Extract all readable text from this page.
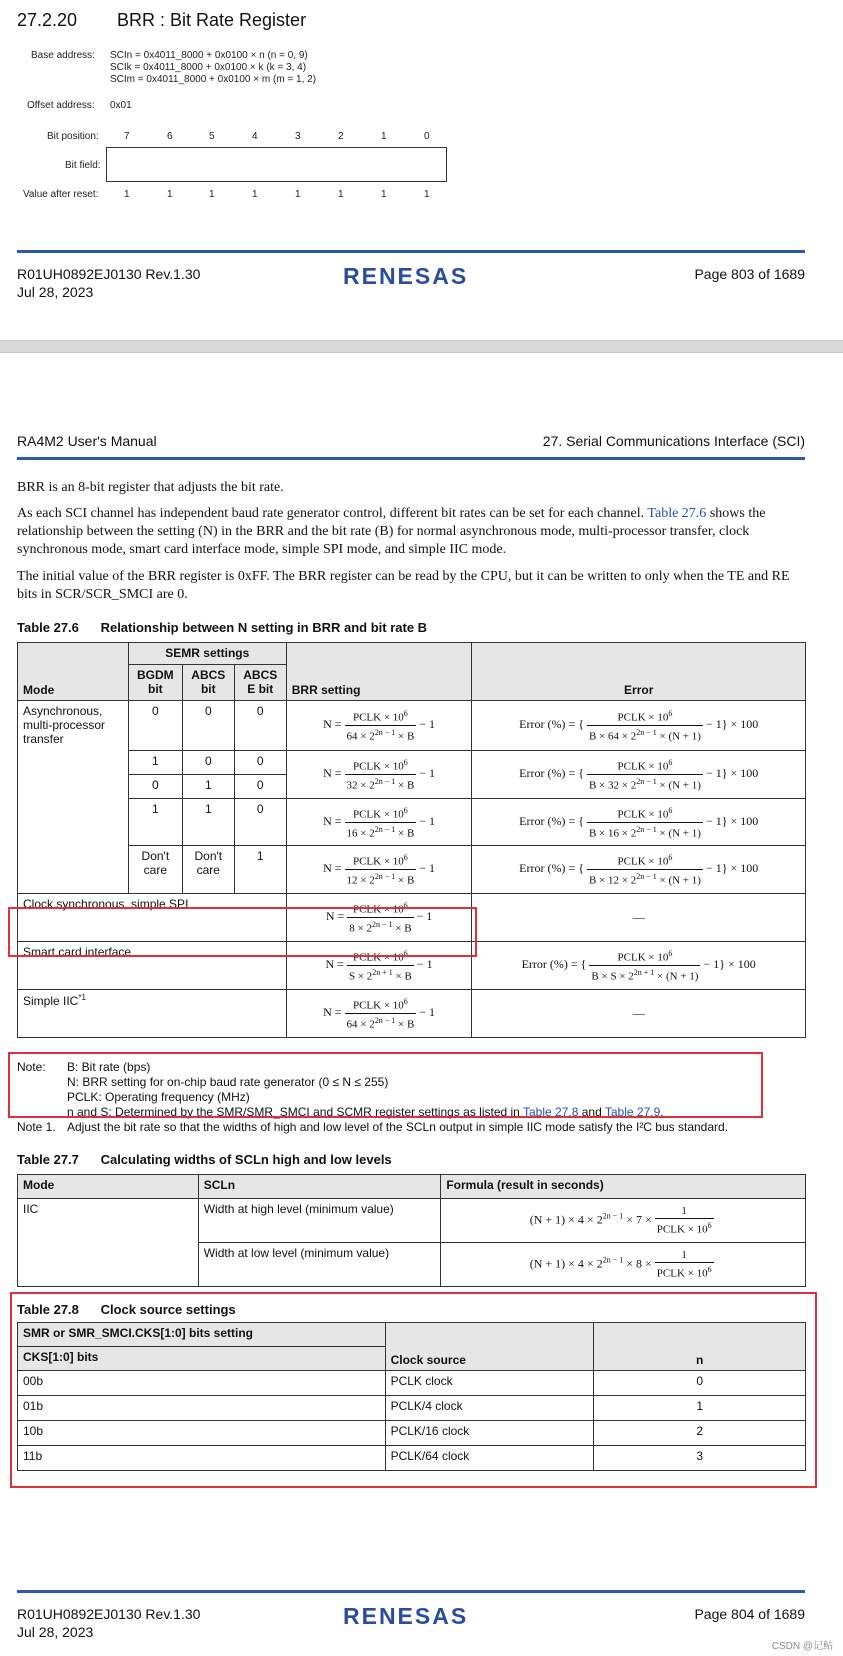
27.2.20 BRR : Bit Rate Register
Base address: SCIn = 0x4011_8000 + 0x0100 × n (n = 0, 9)
SCIk = 0x4011_8000 + 0x0100 × k (k = 3, 4)
SCIm = 0x4011_8000 + 0x0100 × m (m = 1, 2)
Offset address: 0x01
Bit position:	7	6	5	4	3	2	1	0
Bit field:
Value after reset:	1	1	1	1	1	1	1	1
R01UH0892EJ0130 Rev.1.30
Jul 28, 2023
RENESAS	Page 803 of 1689
RA4M2 User's Manual	27. Serial Communications Interface (SCI)
BRR is an 8-bit register that adjusts the bit rate.
As each SCI channel has independent baud rate generator control, different bit rates can be set for each channel. Table 27.6 shows the relationship between the setting (N) in the BRR and the bit rate (B) for normal asynchronous mode, multi-processor transfer, clock synchronous mode, smart card interface mode, simple SPI mode, and simple IIC mode.
The initial value of the BRR register is 0xFF. The BRR register can be read by the CPU, but it can be written to only when the TE and RE bits in SCR/SCR_SMCI are 0.
Table 27.6 Relationship between N setting in BRR and bit rate B
Mode	SEMR settings			BRR setting	Error
	BGDM bit	ABCS bit	ABCS E bit		
Asynchronous, multi-processor transfer	0	0	0	$N = \frac{PCLK \times 10^6}{64 \times 2^{2n - 1} \times B} - 1$	Error (%) = { $\frac{PCLK \times 10^6}{B \times 64 \times 2^{2n - 1} \times (N + 1)} - 1\} \times 100$
	1	0	0	$N = \frac{PCLK \times 10^6}{32 \times 2^{2n - 1} \times B} - 1$	Error (%) = { $\frac{PCLK \times 10^6}{B \times 32 \times 2^{2n - 1} \times (N + 1)} - 1\} \times 100$
	0	1	0		
	1	1	0	$N = \frac{PCLK \times 10^6}{16 \times 2^{2n - 1} \times B} - 1$	Error (%) = { $\frac{PCLK \times 10^6}{B \times 16 \times 2^{2n - 1} \times (N + 1)} - 1\} \times 100$
	Don't care	Don't care	1	$N = \frac{PCLK \times 10^6}{12 \times 2^{2n - 1} \times B} - 1$	Error (%) = { $\frac{PCLK \times 10^6}{B \times 12 \times 2^{2n - 1} \times (N + 1)} - 1\} \times 100$
Clock synchronous, simple SPI				$N = \frac{PCLK \times 10^6}{8 \times 2^{2n - 1} \times B} - 1$	—
Smart card interface				$N = \frac{PCLK \times 10^6}{S \times 2^{2n + 1} \times B} - 1$	Error (%) = { $\frac{PCLK \times 10^6}{B \times S \times 2^{2n + 1} \times (N + 1)} - 1\} \times 100$
Simple IIC$^{*1}$				$N = \frac{PCLK \times 10^6}{64 \times 2^{2n - 1} \times B} - 1$	—
Note: B: Bit rate (bps)
N: BRR setting for on-chip baud rate generator (0 ≤ N ≤ 255)
PCLK: Operating frequency (MHz)
n and S: Determined by the SMR/SMR_SMCI and SCMR register settings as listed in Table 27.8 and Table 27.9.
Note 1. Adjust the bit rate so that the widths of high and low level of the SCLn output in simple IIC mode satisfy the I²C bus standard.
Table 27.7 Calculating widths of SCLn high and low levels
Mode	SCLn	Formula (result in seconds)
IIC	Width at high level (minimum value)	$(N + 1) \times 4 \times 2^{2n - 1} \times 7 \times \frac{1}{PCLK \times 10^6}$

	Width at low level (minimum value)	$(N + 1) \times 4 \times 2^{2n - 1} \times 8 \times \frac{1}{PCLK \times 10^6}$
Table 27.8 Clock source settings
SMR or SMR_SMCI.CKS[1:0] bits setting	Clock source	n
CKS[1:0] bits		
00b	PCLK clock	0
01b	PCLK/4 clock	1
10b	PCLK/16 clock	2
11b	PCLK/64 clock	3
R01UH0892EJ0130 Rev.1.30
Jul 28, 2023
RENESAS	Page 804 of 1689
CSDN @记鲇
